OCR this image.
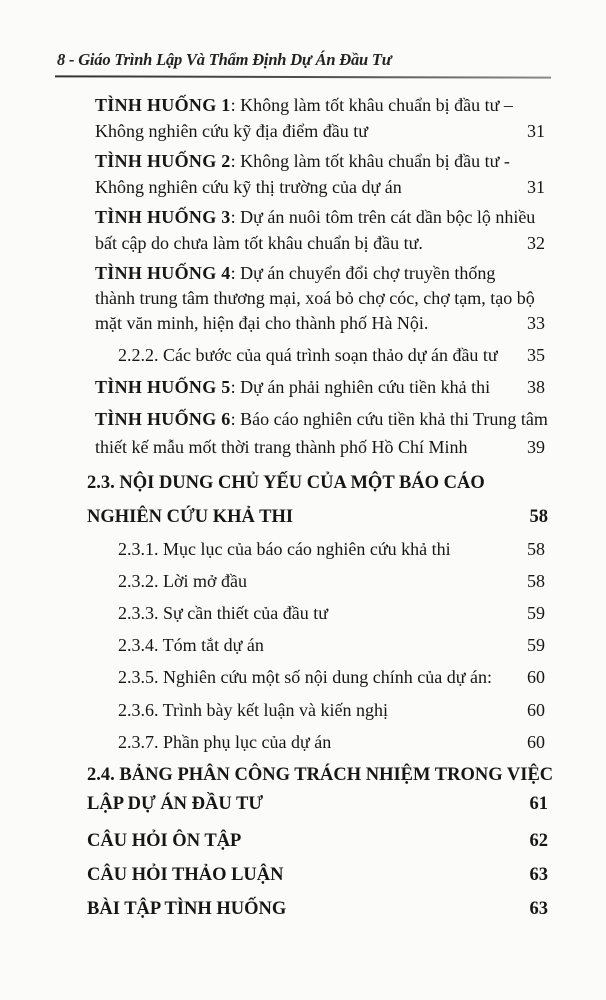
8 - Giáo Trình Lập Và Thẩm Định Dự Án Đầu Tư
TÌNH HUỐNG 1: Không làm tốt khâu chuẩn bị đầu tư –
Không nghiên cứu kỹ địa điểm đầu tư	31
TÌNH HUỐNG 2: Không làm tốt khâu chuẩn bị đầu tư -
Không nghiên cứu kỹ thị trường của dự án	31
TÌNH HUỐNG 3: Dự án nuôi tôm trên cát dần bộc lộ nhiều
bất cập do chưa làm tốt khâu chuẩn bị đầu tư.	32
TÌNH HUỐNG 4: Dự án chuyển đổi chợ truyền thống
thành trung tâm thương mại, xoá bỏ chợ cóc, chợ tạm, tạo bộ
mặt văn minh, hiện đại cho thành phố Hà Nội.	33
2.2.2. Các bước của quá trình soạn thảo dự án đầu tư 35
TÌNH HUỐNG 5: Dự án phải nghiên cứu tiền khả thi 38
TÌNH HUỐNG 6: Báo cáo nghiên cứu tiền khả thi Trung tâm
thiết kế mẫu mốt thời trang thành phố Hồ Chí Minh	39
2.3. NỘI DUNG CHỦ YẾU CỦA MỘT BÁO CÁO
NGHIÊN CỨU KHẢ THI	58
2.3.1. Mục lục của báo cáo nghiên cứu khả thi	58
2.3.2. Lời mở đầu	58
2.3.3. Sự cần thiết của đầu tư	59
2.3.4. Tóm tắt dự án	59
2.3.5. Nghiên cứu một số nội dung chính của dự án: 60
2.3.6. Trình bày kết luận và kiến nghị	60
2.3.7. Phần phụ lục của dự án	60
2.4. BẢNG PHÂN CÔNG TRÁCH NHIỆM TRONG VIỆC
LẬP DỰ ÁN ĐẦU TƯ	61
CÂU HỎI ÔN TẬP	62
CÂU HỎI THẢO LUẬN	63
BÀI TẬP TÌNH HUỐNG	63
